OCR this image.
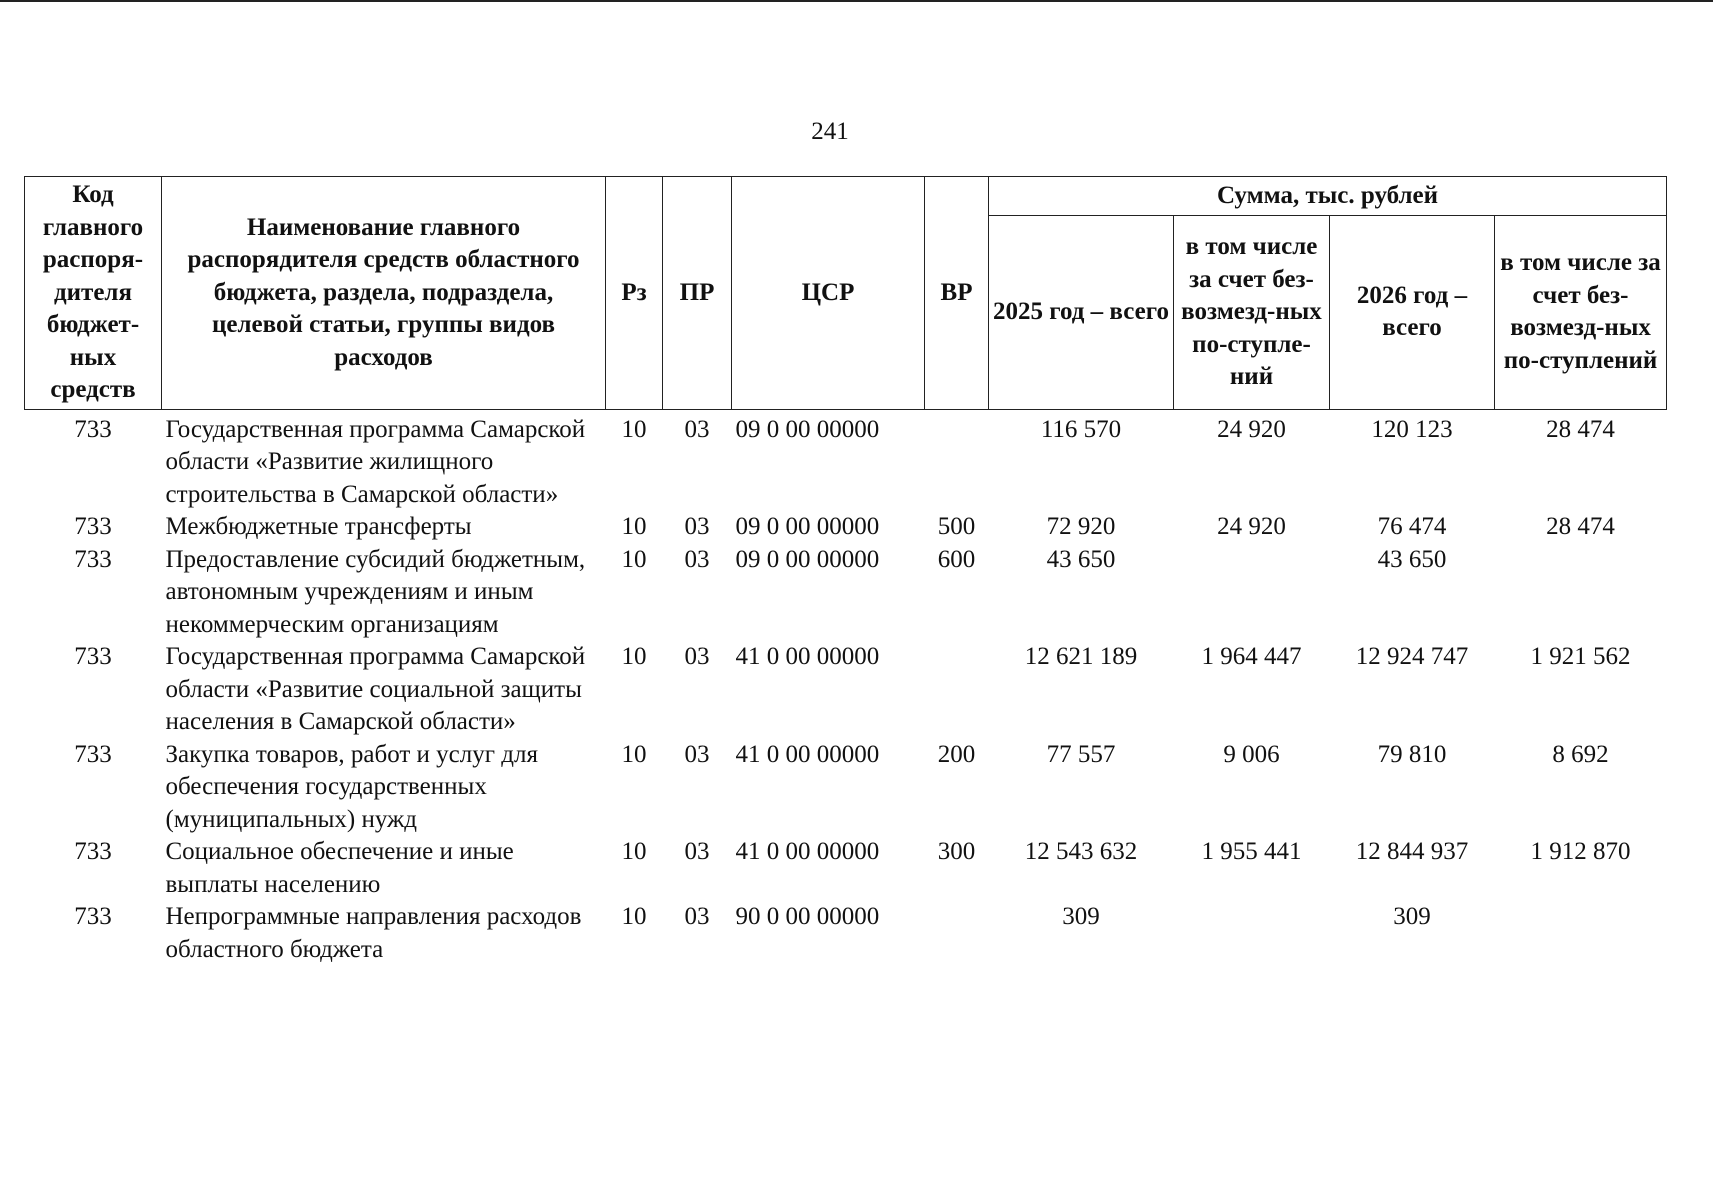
241
Код главного распоря-дителя бюджет-ных средств	Наименование главного распорядителя средств областного бюджета, раздела, подраздела, целевой статьи, группы видов расходов	Рз	ПР	ЦСР	ВР	Сумма, тыс. рублей			
						2025 год – всего	в том числе за счет без-возмезд-ных по-ступле-ний	2026 год – всего	в том числе за счет без-возмезд-ных по-ступлений
733	Государственная программа Самарской области «Развитие жилищного строительства в Самарской области»	10	03	09 0 00 00000		116 570	24 920	120 123	28 474
733	Межбюджетные трансферты	10	03	09 0 00 00000	500	72 920	24 920	76 474	28 474
733	Предоставление субсидий бюджетным, автономным учреждениям и иным некоммерческим организациям	10	03	09 0 00 00000	600	43 650		43 650	
733	Государственная программа Самарской области «Развитие социальной защиты населения в Самарской области»	10	03	41 0 00 00000		12 621 189	1 964 447	12 924 747	1 921 562
733	Закупка товаров, работ и услуг для обеспечения государственных (муниципальных) нужд	10	03	41 0 00 00000	200	77 557	9 006	79 810	8 692
733	Социальное обеспечение и иные выплаты населению	10	03	41 0 00 00000	300	12 543 632	1 955 441	12 844 937	1 912 870
733	Непрограммные направления расходов областного бюджета	10	03	90 0 00 00000		309		309	
